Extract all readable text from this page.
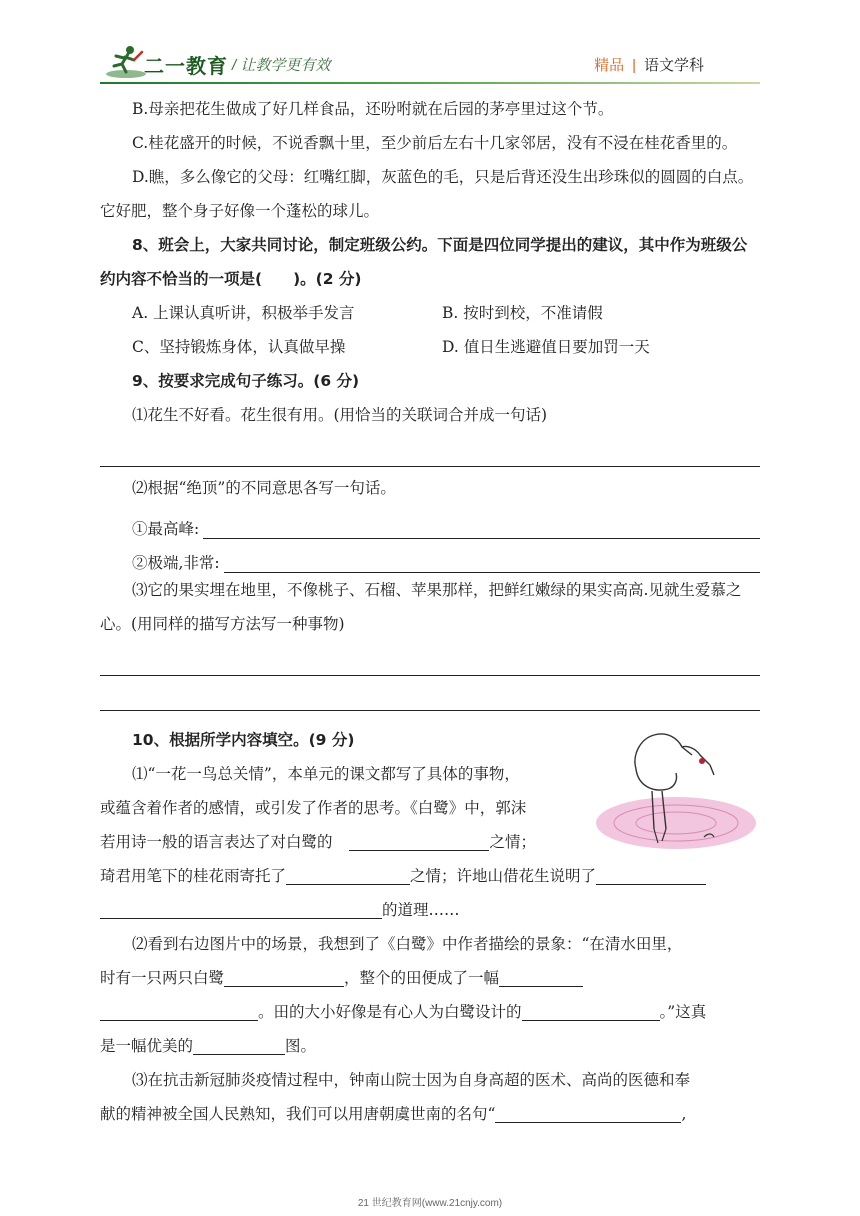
二一教育 / 让教学更有效	精品 | 语文学科

B.母亲把花生做成了好几样食品，还吩咐就在后园的茅亭里过这个节。

C.桂花盛开的时候，不说香飘十里，至少前后左右十几家邻居，没有不浸在桂花香里的。

D.瞧，多么像它的父母：红嘴红脚，灰蓝色的毛，只是后背还没生出珍珠似的圆圆的白点。它好肥，整个身子好像一个蓬松的球儿。

8、班会上，大家共同讨论，制定班级公约。下面是四位同学提出的建议，其中作为班级公约内容不恰当的一项是(　　)。(2 分)

A. 上课认真听讲，积极举手发言	B. 按时到校，不准请假
C、坚持锻炼身体，认真做早操	D. 值日生逃避值日要加罚一天

9、按要求完成句子练习。(6 分)

⑴花生不好看。花生很有用。(用恰当的关联词合并成一句话)

⑵根据“绝顶”的不同意思各写一句话。

①最高峰:
②极端,非常:

⑶它的果实埋在地里，不像桃子、石榴、苹果那样，把鲜红嫩绿的果实高高.见就生爱慕之心。(用同样的描写方法写一种事物)

10、根据所学内容填空。(9 分)

⑴“一花一鸟总关情”，本单元的课文都写了具体的事物，

或蕴含着作者的感情，或引发了作者的思考。《白鹭》中，郭沫

若用诗一般的语言表达了对白鹭的	之情；

琦君用笔下的桂花雨寄托了	之情；许地山借花生说明了

的道理……

⑵看到右边图片中的场景，我想到了《白鹭》中作者描绘的景象：“在清水田里，

时有一只两只白鹭	，整个的田便成了一幅

。田的大小好像是有心人为白鹭设计的	。”这真

是一幅优美的	图。

⑶在抗击新冠肺炎疫情过程中，钟南山院士因为自身高超的医术、高尚的医德和奉

献的精神被全国人民熟知，我们可以用唐朝虞世南的名句“	,

21 世纪教育网(www.21cnjy.com)
